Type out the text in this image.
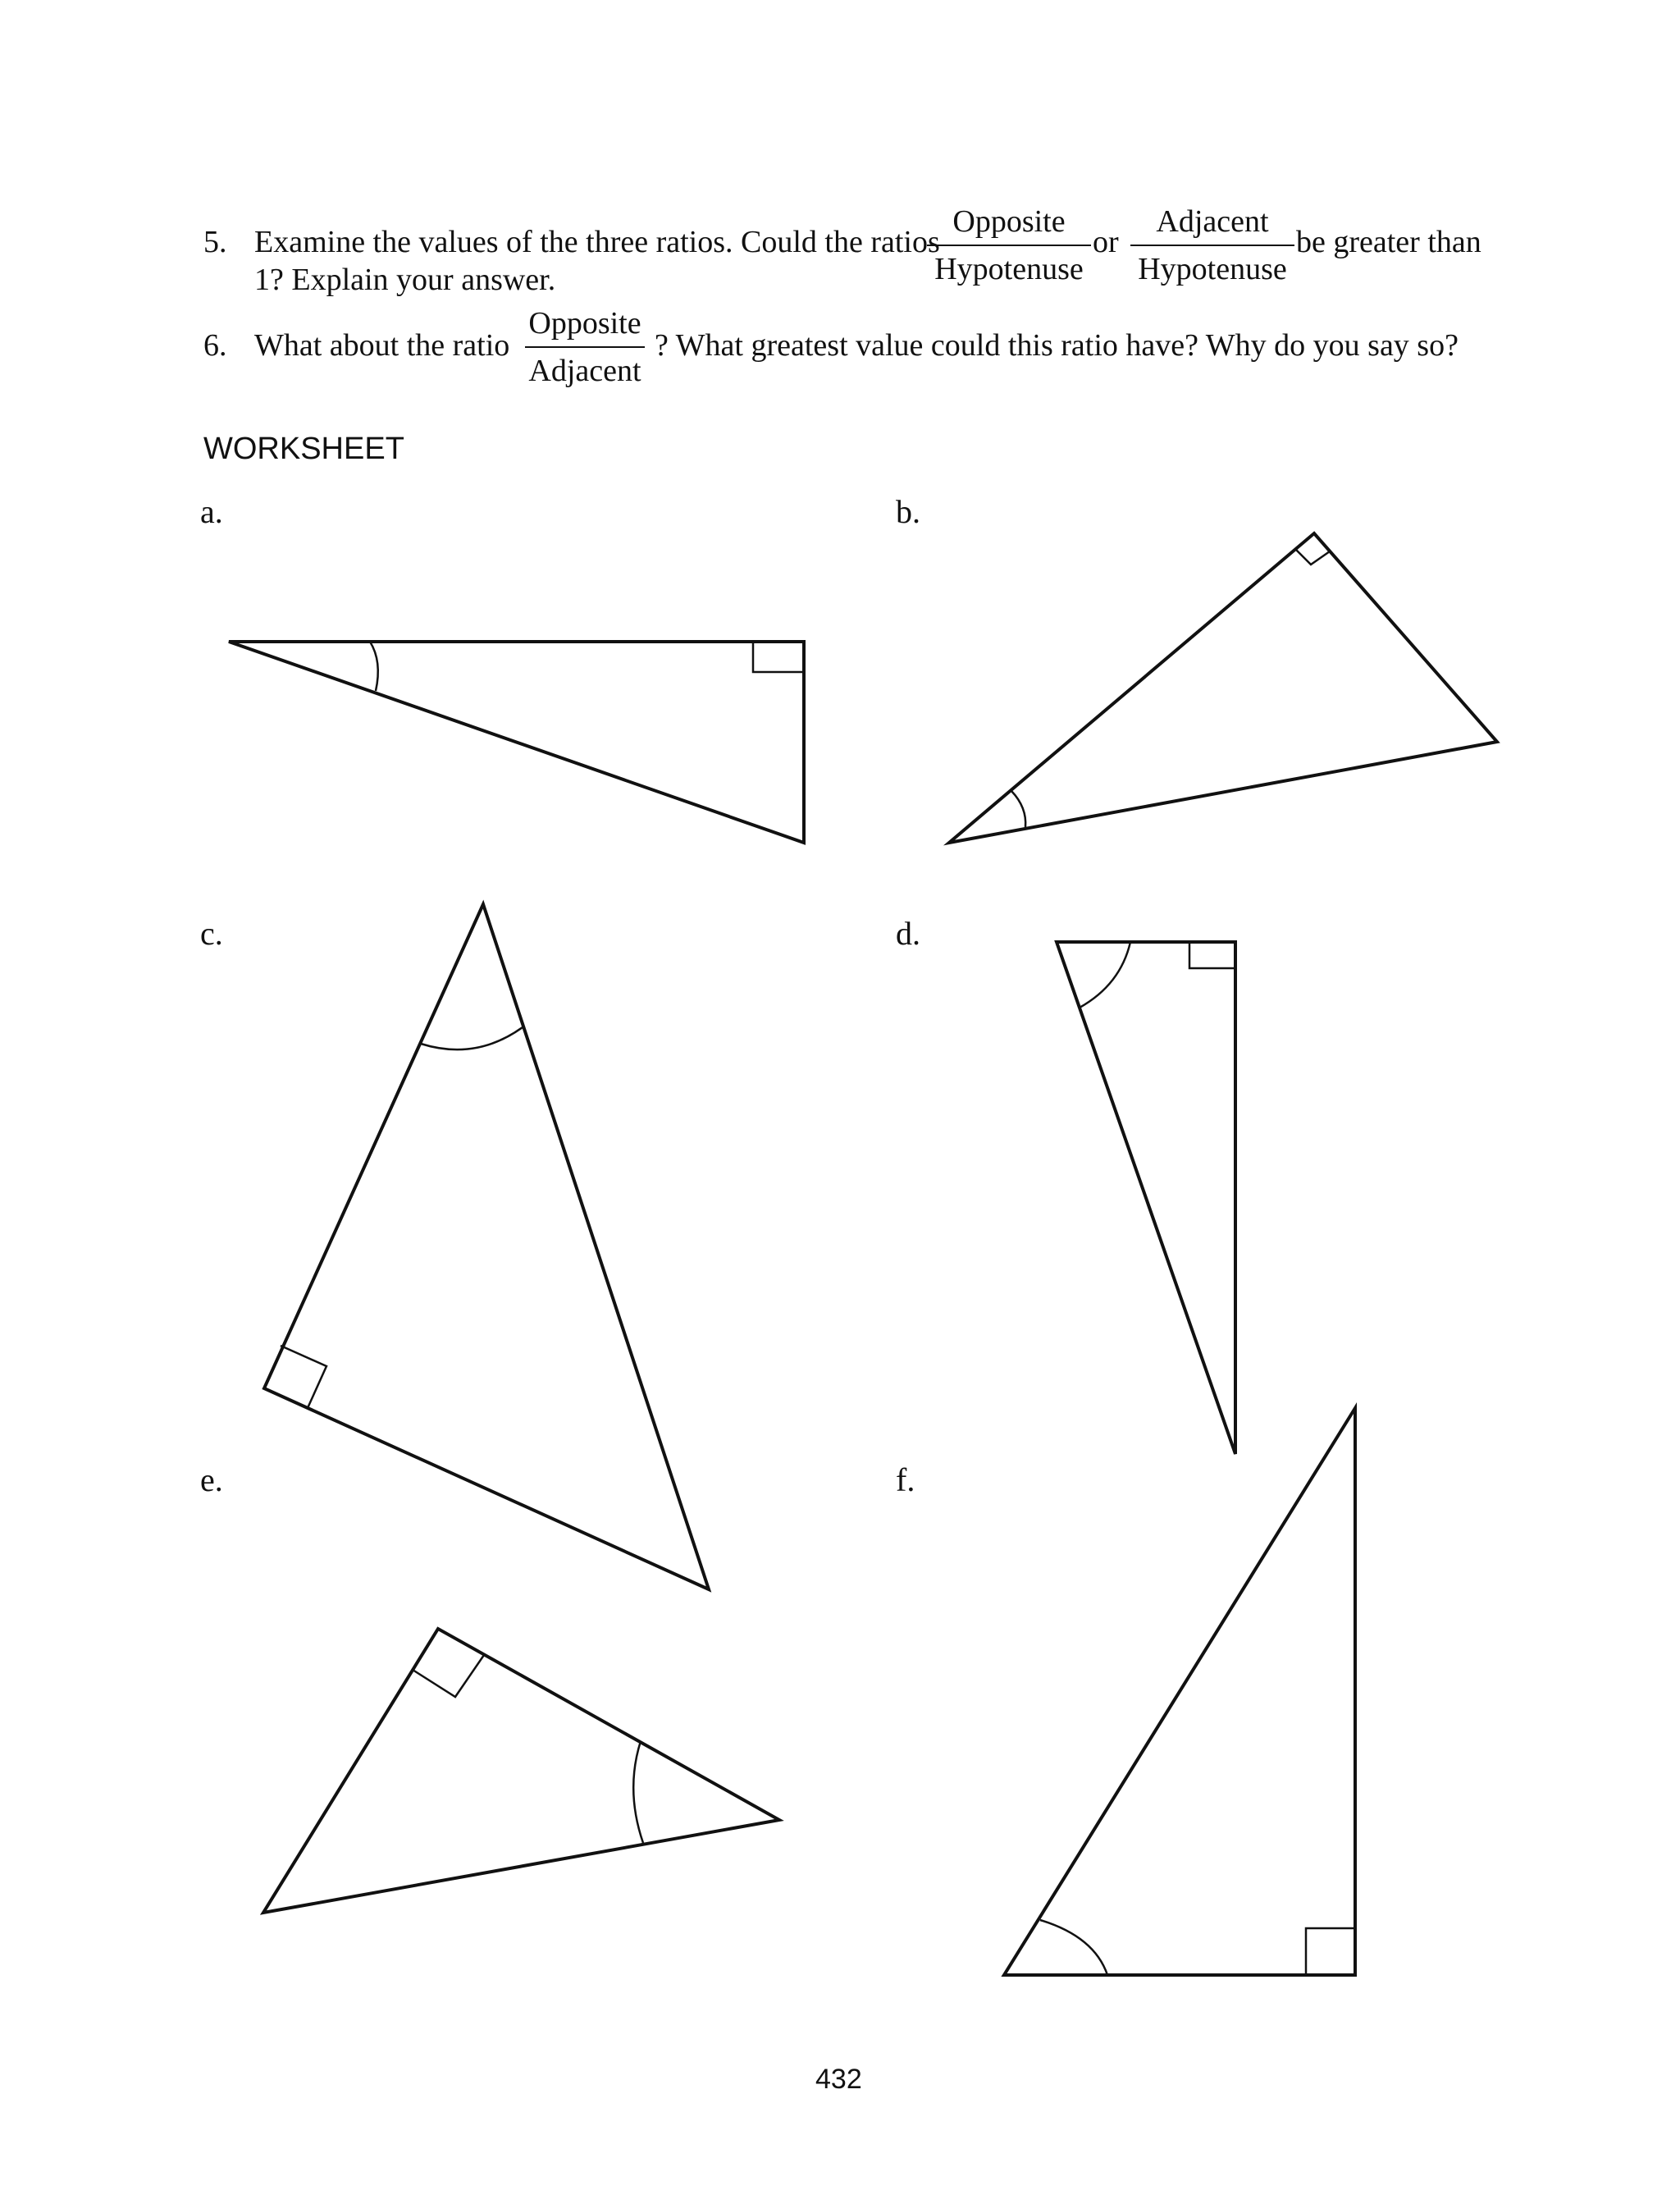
5. Examine the values of the three ratios. Could the ratios
Opposite
Hypotenuse
or
Adjacent
Hypotenuse
be greater than
1? Explain your answer.
6. What about the ratio
Opposite
Adjacent
? What greatest value could this ratio have? Why do you say so?
WORKSHEET
a.	b.
c.	d.
e.	f.
432
